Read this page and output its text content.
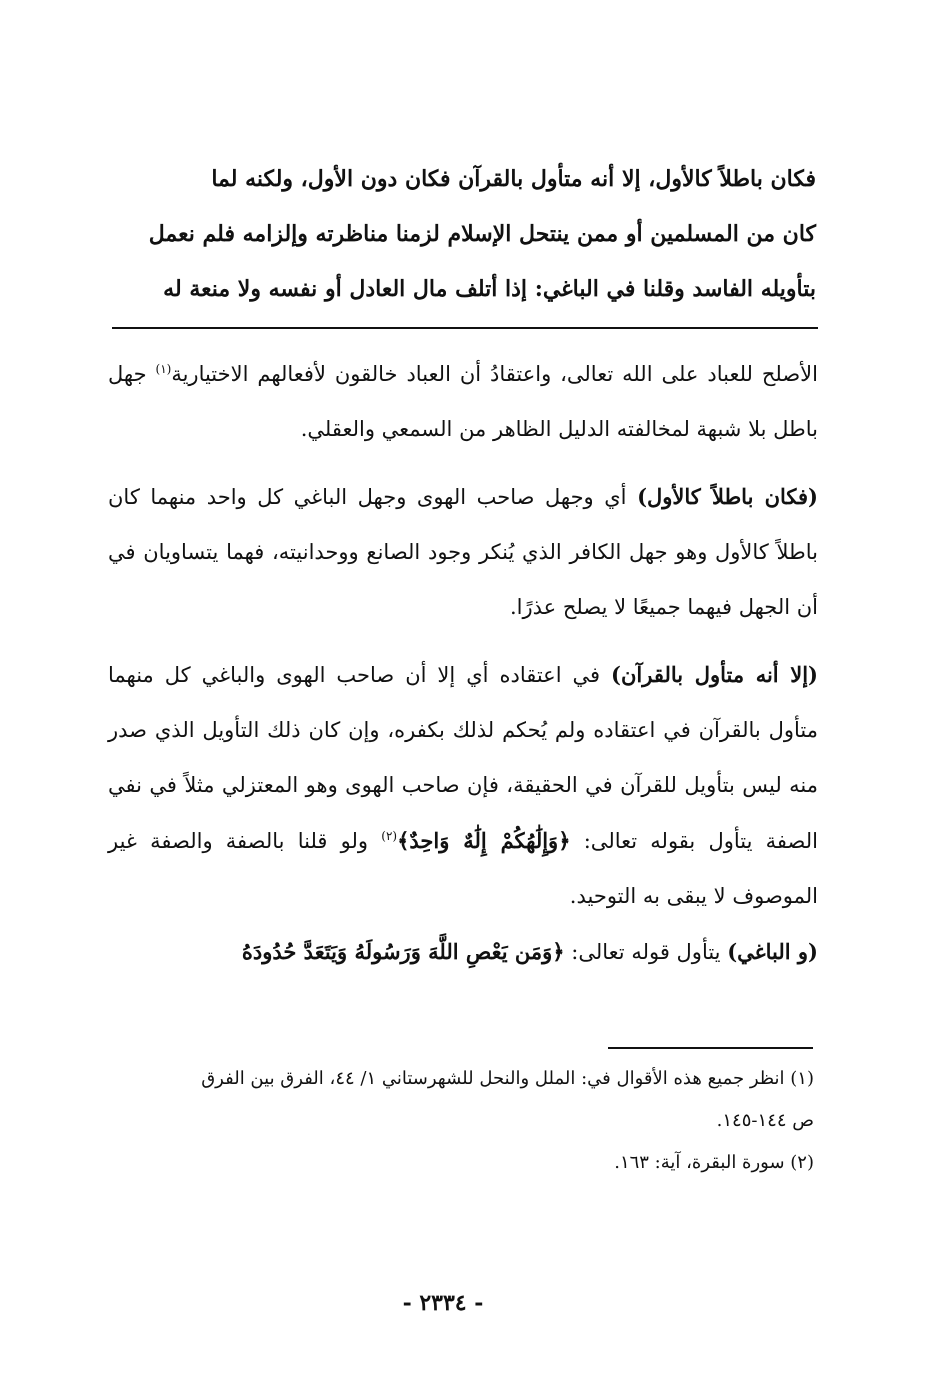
فكان باطلاً كالأول، إلا أنه متأول بالقرآن فكان دون الأول، ولكنه لما

كان من المسلمين أو ممن ينتحل الإسلام لزمنا مناظرته وإلزامه فلم نعمل

بتأويله الفاسد وقلنا في الباغي: إذا أتلف مال العادل أو نفسه ولا منعة له

الأصلح للعباد على الله تعالى، واعتقادُ أن العباد خالقون لأفعالهم الاختيارية$^{(١)}$ جهل باطل بلا شبهة لمخالفته الدليل الظاهر من السمعي والعقلي.

(فكان باطلاً كالأول) أي وجهل صاحب الهوى وجهل الباغي كل واحد منهما كان باطلاً كالأول وهو جهل الكافر الذي يُنكر وجود الصانع ووحدانيته، فهما يتساويان في أن الجهل فيهما جميعًا لا يصلح عذرًا.

(إلا أنه متأول بالقرآن) في اعتقاده أي إلا أن صاحب الهوى والباغي كل منهما متأول بالقرآن في اعتقاده ولم يُحكم لذلك بكفره، وإن كان ذلك التأويل الذي صدر منه ليس بتأويل للقرآن في الحقيقة، فإن صاحب الهوى وهو المعتزلي مثلاً في نفي الصفة يتأول بقوله تعالى: ﴿وَإِلَٰهُكُمْ إِلَٰهٌ وَاحِدٌ﴾$^{(٢)}$ ولو قلنا بالصفة والصفة غير الموصوف لا يبقى به التوحيد.

(و الباغي) يتأول قوله تعالى: ﴿وَمَن يَعْصِ اللَّهَ وَرَسُولَهُ وَيَتَعَدَّ حُدُودَهُ

(١) انظر جميع هذه الأقوال في: الملل والنحل للشهرستاني ١/ ٤٤، الفرق بين الفرق

ص ١٤٤-١٤٥.

(٢) سورة البقرة، آية: ١٦٣.

- ٢٣٣٤ -
